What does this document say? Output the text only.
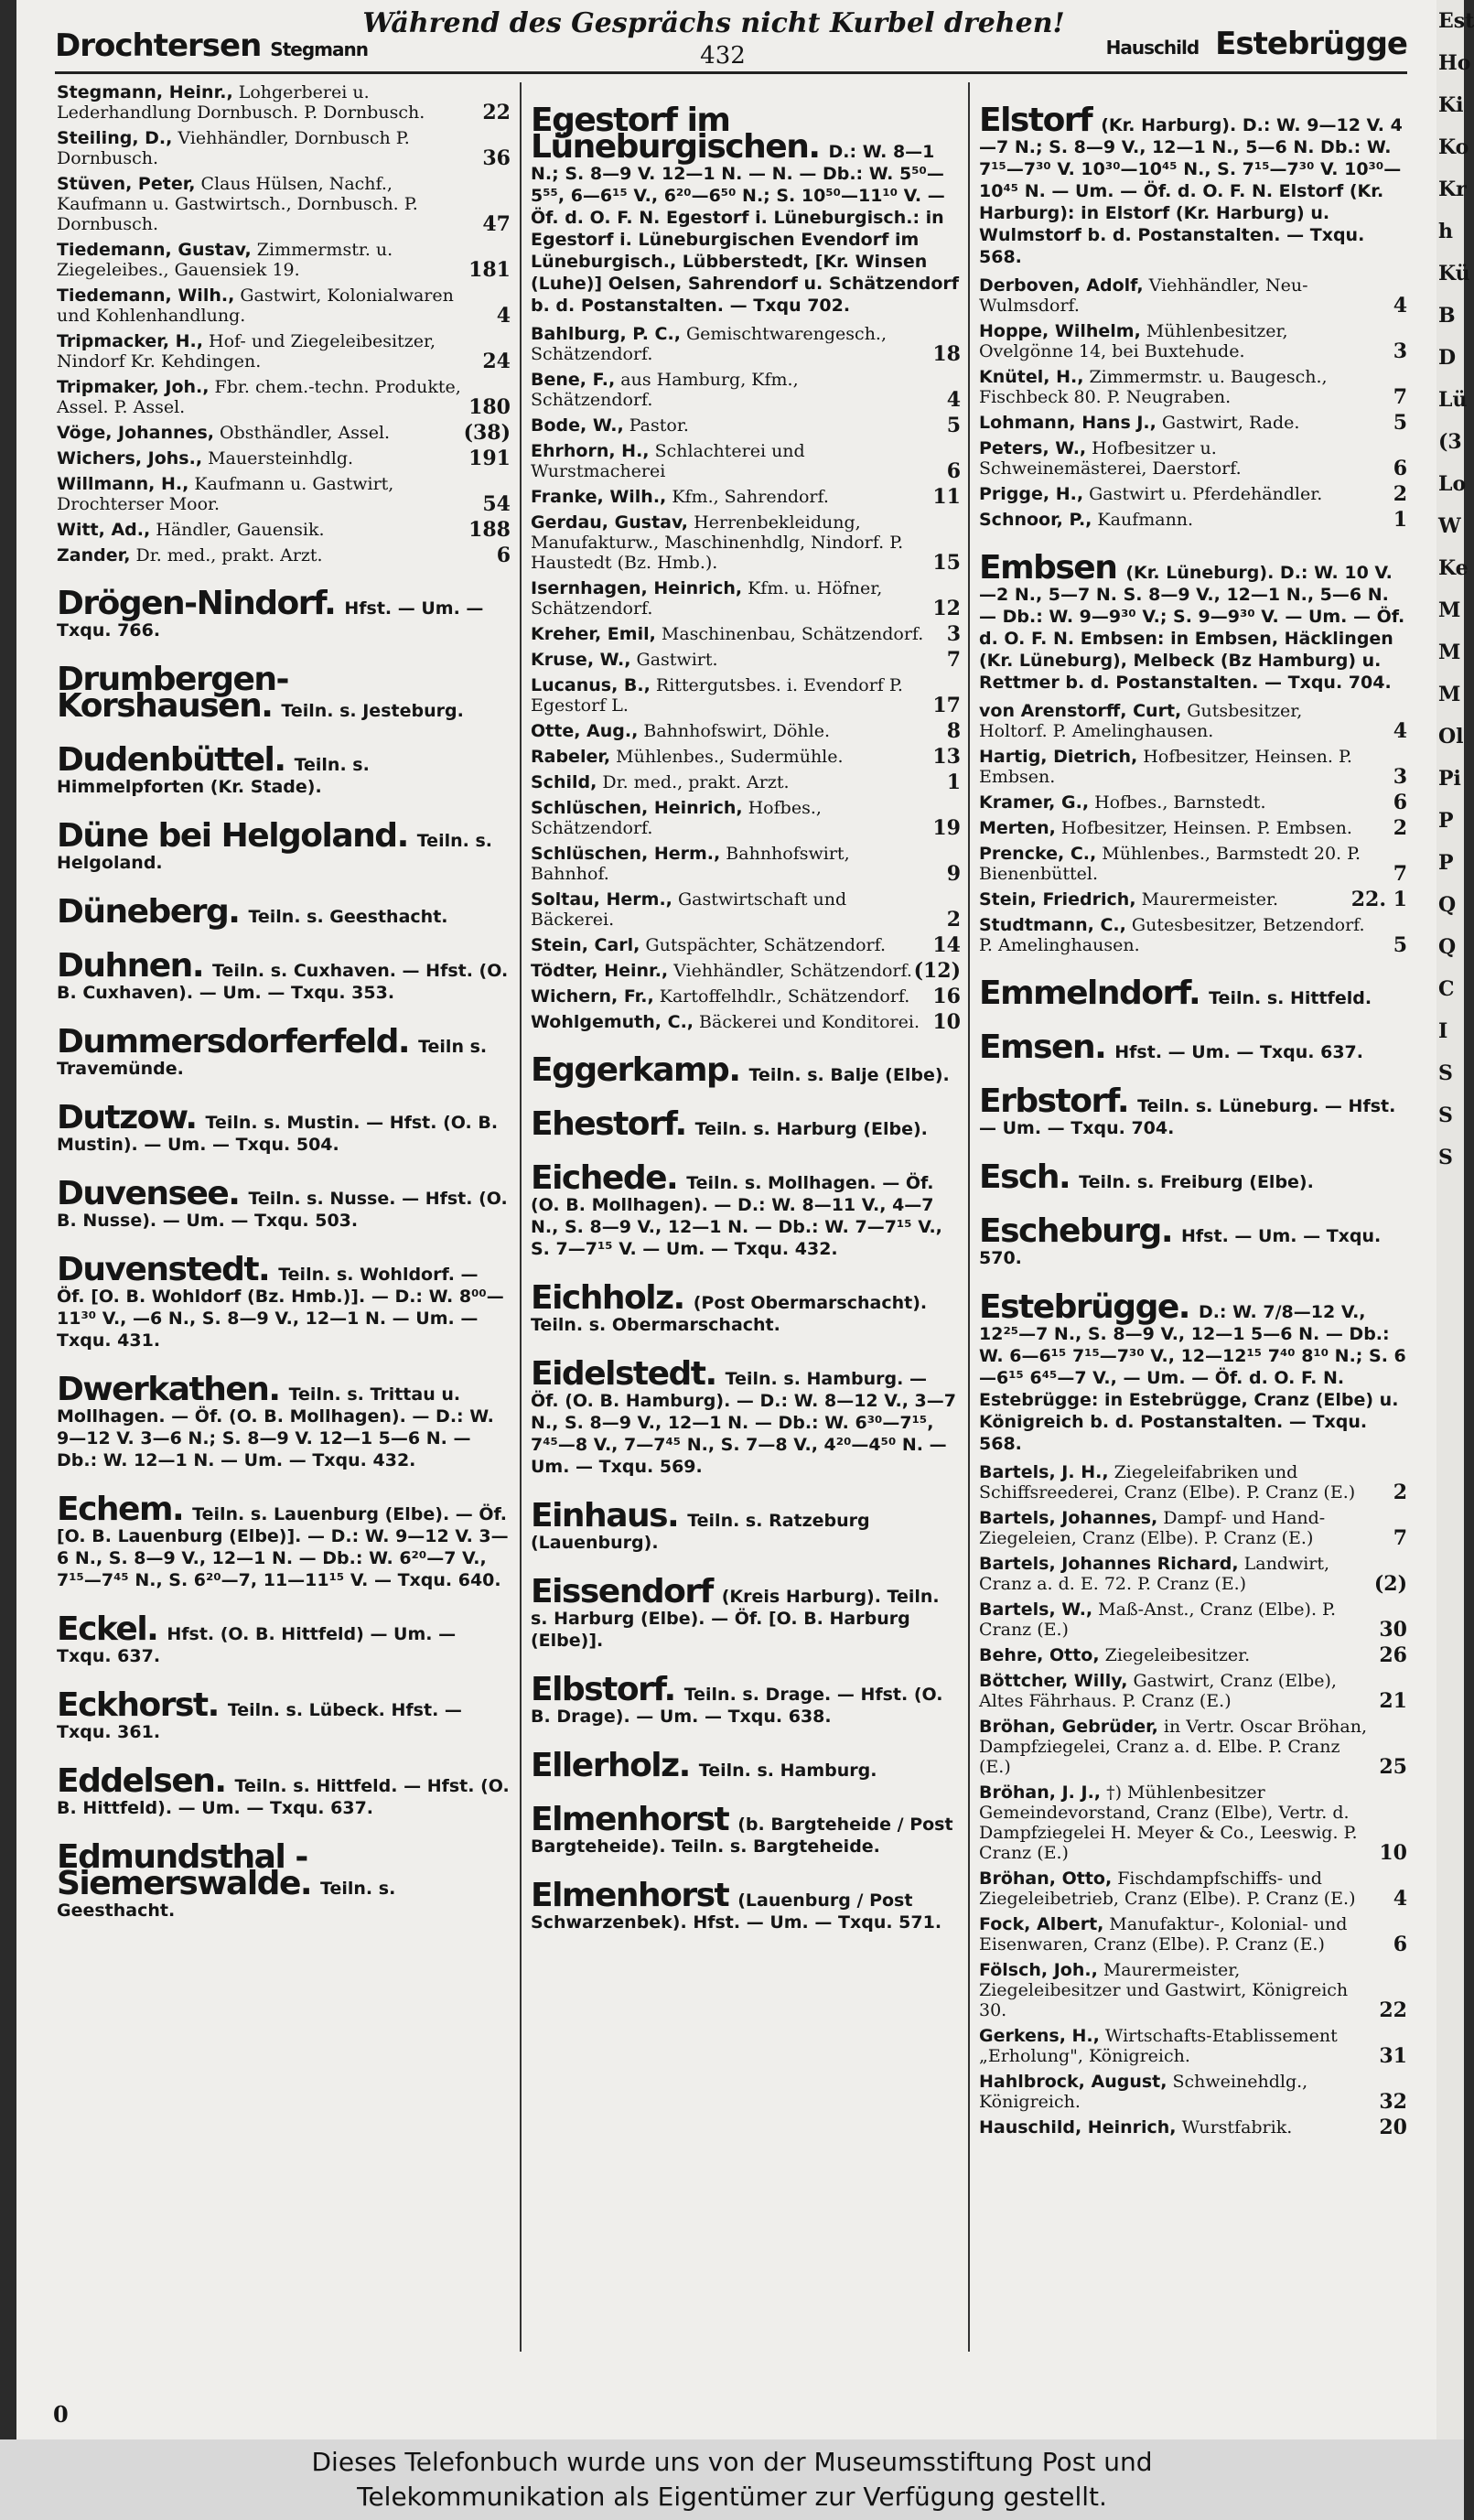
Drochtersen Stegmann
Während des Gesprächs nicht Kurbel drehen!
432	Hauschild Estebrügge
Stegmann, Heinr., Lohgerberei u. Lederhandlung Dornbusch. P. Dornbusch.	22
Steiling, D., Viehhändler, Dornbusch P. Dornbusch.	36
Stüven, Peter, Claus Hülsen, Nachf., Kaufmann u. Gastwirtsch., Dornbusch. P. Dornbusch.	47
Tiedemann, Gustav, Zimmermstr. u. Ziegeleibes., Gauensiek 19.	181
Tiedemann, Wilh., Gastwirt, Kolonialwaren und Kohlenhandlung.	4
Tripmacker, H., Hof- und Ziegeleibesitzer, Nindorf Kr. Kehdingen.	24
Tripmaker, Joh., Fbr. chem.-techn. Produkte, Assel. P. Assel.	180
Vöge, Johannes, Obsthändler, Assel.	(38)
Wichers, Johs., Mauersteinhdlg.	191
Willmann, H., Kaufmann u. Gastwirt, Drochterser Moor.	54
Witt, Ad., Händler, Gauensik.	188
Zander, Dr. med., prakt. Arzt.	6
Drögen-Nindorf. Hfst. — Um. — Txqu. 766.
Drumbergen-Korshausen. Teiln. s. Jesteburg.
Dudenbüttel. Teiln. s. Himmelpforten (Kr. Stade).
Düne bei Helgoland. Teiln. s. Helgoland.
Düneberg. Teiln. s. Geesthacht.
Duhnen. Teiln. s. Cuxhaven. — Hfst. (O. B. Cuxhaven). — Um. — Txqu. 353.
Dummersdorferfeld. Teiln s. Travemünde.
Dutzow. Teiln. s. Mustin. — Hfst. (O. B. Mustin). — Um. — Txqu. 504.
Duvensee. Teiln. s. Nusse. — Hfst. (O. B. Nusse). — Um. — Txqu. 503.
Duvenstedt. Teiln. s. Wohldorf. — Öf. [O. B. Wohldorf (Bz. Hmb.)]. — D.: W. 8⁰⁰—11³⁰ V., —6 N., S. 8—9 V., 12—1 N. — Um. — Txqu. 431.
Dwerkathen. Teiln. s. Trittau u. Mollhagen. — Öf. (O. B. Mollhagen). — D.: W. 9—12 V. 3—6 N.; S. 8—9 V. 12—1 5—6 N. — Db.: W. 12—1 N. — Um. — Txqu. 432.
Echem. Teiln. s. Lauenburg (Elbe). — Öf. [O. B. Lauenburg (Elbe)]. — D.: W. 9—12 V. 3—6 N., S. 8—9 V., 12—1 N. — Db.: W. 6²⁰—7 V., 7¹⁵—7⁴⁵ N., S. 6²⁰—7, 11—11¹⁵ V. — Txqu. 640.
Eckel. Hfst. (O. B. Hittfeld) — Um. — Txqu. 637.
Eckhorst. Teiln. s. Lübeck. Hfst. — Txqu. 361.
Eddelsen. Teiln. s. Hittfeld. — Hfst. (O. B. Hittfeld). — Um. — Txqu. 637.
Edmundsthal - Siemerswalde. Teiln. s. Geesthacht.
Egestorf im Lüneburgischen. D.: W. 8—1 N.; S. 8—9 V. 12—1 N. — N. — Db.: W. 5⁵⁰—5⁵⁵, 6—6¹⁵ V., 6²⁰—6⁵⁰ N.; S. 10⁵⁰—11¹⁰ V. — Öf. d. O. F. N. Egestorf i. Lüneburgisch.: in Egestorf i. Lüneburgischen Evendorf im Lüneburgisch., Lübberstedt, [Kr. Winsen (Luhe)] Oelsen, Sahrendorf u. Schätzendorf b. d. Postanstalten. — Txqu 702.
Bahlburg, P. C., Gemischtwarengesch., Schätzendorf.	18
Bene, F., aus Hamburg, Kfm., Schätzendorf.	4
Bode, W., Pastor.	5
Ehrhorn, H., Schlachterei und Wurstmacherei	6
Franke, Wilh., Kfm., Sahrendorf.	11
Gerdau, Gustav, Herrenbekleidung, Manufakturw., Maschinenhdlg, Nindorf. P. Haustedt (Bz. Hmb.).	15
Isernhagen, Heinrich, Kfm. u. Höfner, Schätzendorf.	12
Kreher, Emil, Maschinenbau, Schätzendorf. 3
Kruse, W., Gastwirt.	7
Lucanus, B., Rittergutsbes. i. Evendorf P. Egestorf L.	17
Otte, Aug., Bahnhofswirt, Döhle.	8
Rabeler, Mühlenbes., Sudermühle.	13
Schild, Dr. med., prakt. Arzt.	1
Schlüschen, Heinrich, Hofbes., Schätzendorf.	19
Schlüschen, Herm., Bahnhofswirt, Bahnhof.	9
Soltau, Herm., Gastwirtschaft und Bäckerei.	2
Stein, Carl, Gutspächter, Schätzendorf. 14
Tödter, Heinr., Viehhändler, Schätzendorf. (12)
Wichern, Fr., Kartoffelhdlr., Schätzendorf. 16
Wohlgemuth, C., Bäckerei und Konditorei. 10
Eggerkamp. Teiln. s. Balje (Elbe).
Ehestorf. Teiln. s. Harburg (Elbe).
Eichede. Teiln. s. Mollhagen. — Öf. (O. B. Mollhagen). — D.: W. 8—11 V., 4—7 N., S. 8—9 V., 12—1 N. — Db.: W. 7—7¹⁵ V., S. 7—7¹⁵ V. — Um. — Txqu. 432.
Eichholz. (Post Obermarschacht). Teiln. s. Obermarschacht.
Eidelstedt. Teiln. s. Hamburg. — Öf. (O. B. Hamburg). — D.: W. 8—12 V., 3—7 N., S. 8—9 V., 12—1 N. — Db.: W. 6³⁰—7¹⁵, 7⁴⁵—8 V., 7—7⁴⁵ N., S. 7—8 V., 4²⁰—4⁵⁰ N. — Um. — Txqu. 569.
Einhaus. Teiln. s. Ratzeburg (Lauenburg).
Eissendorf (Kreis Harburg). Teiln. s. Harburg (Elbe). — Öf. [O. B. Harburg (Elbe)].
Elbstorf. Teiln. s. Drage. — Hfst. (O. B. Drage). — Um. — Txqu. 638.
Ellerholz. Teiln. s. Hamburg.
Elmenhorst (b. Bargteheide / Post Bargteheide). Teiln. s. Bargteheide.
Elmenhorst (Lauenburg / Post Schwarzenbek). Hfst. — Um. — Txqu. 571.
Elstorf (Kr. Harburg). D.: W. 9—12 V. 4—7 N.; S. 8—9 V., 12—1 N., 5—6 N. Db.: W. 7¹⁵—7³⁰ V. 10³⁰—10⁴⁵ N., S. 7¹⁵—7³⁰ V. 10³⁰—10⁴⁵ N. — Um. — Öf. d. O. F. N. Elstorf (Kr. Harburg): in Elstorf (Kr. Harburg) u. Wulmstorf b. d. Postanstalten. — Txqu. 568.
Derboven, Adolf, Viehhändler, Neu-Wulmsdorf.	4
Hoppe, Wilhelm, Mühlenbesitzer, Ovelgönne 14, bei Buxtehude.	3
Knütel, H., Zimmermstr. u. Baugesch., Fischbeck 80. P. Neugraben.	7
Lohmann, Hans J., Gastwirt, Rade.	5
Peters, W., Hofbesitzer u. Schweinemästerei, Daerstorf.	6
Prigge, H., Gastwirt u. Pferdehändler.	2
Schnoor, P., Kaufmann.	1
Embsen (Kr. Lüneburg). D.: W. 10 V.—2 N., 5—7 N. S. 8—9 V., 12—1 N., 5—6 N. — Db.: W. 9—9³⁰ V.; S. 9—9³⁰ V. — Um. — Öf. d. O. F. N. Embsen: in Embsen, Häcklingen (Kr. Lüneburg), Melbeck (Bz Hamburg) u. Rettmer b. d. Postanstalten. — Txqu. 704.
von Arenstorff, Curt, Gutsbesitzer, Holtorf. P. Amelinghausen.	4
Hartig, Dietrich, Hofbesitzer, Heinsen. P. Embsen.	3
Kramer, G., Hofbes., Barnstedt.	6
Merten, Hofbesitzer, Heinsen. P. Embsen. 2
Prencke, C., Mühlenbes., Barmstedt 20. P. Bienenbüttel.	7
Stein, Friedrich, Maurermeister.	22. 1
Studtmann, C., Gutesbesitzer, Betzendorf. P. Amelinghausen.	5
Emmelndorf. Teiln. s. Hittfeld.
Emsen. Hfst. — Um. — Txqu. 637.
Erbstorf. Teiln. s. Lüneburg. — Hfst. — Um. — Txqu. 704.
Esch. Teiln. s. Freiburg (Elbe).
Escheburg. Hfst. — Um. — Txqu. 570.
Estebrügge. D.: W. 7/8—12 V., 12²⁵—7 N., S. 8—9 V., 12—1 5—6 N. — Db.: W. 6—6¹⁵ 7¹⁵—7³⁰ V., 12—12¹⁵ 7⁴⁰ 8¹⁰ N.; S. 6—6¹⁵ 6⁴⁵—7 V., — Um. — Öf. d. O. F. N. Estebrügge: in Estebrügge, Cranz (Elbe) u. Königreich b. d. Postanstalten. — Txqu. 568.
Bartels, J. H., Ziegeleifabriken und Schiffsreederei, Cranz (Elbe). P. Cranz (E.) 2
Bartels, Johannes, Dampf- und Hand-Ziegeleien, Cranz (Elbe). P. Cranz (E.)	7
Bartels, Johannes Richard, Landwirt, Cranz a. d. E. 72. P. Cranz (E.)	(2)
Bartels, W., Maß-Anst., Cranz (Elbe). P. Cranz (E.)	30
Behre, Otto, Ziegeleibesitzer.	26
Böttcher, Willy, Gastwirt, Cranz (Elbe), Altes Fährhaus. P. Cranz (E.)	21
Bröhan, Gebrüder, in Vertr. Oscar Bröhan, Dampfziegelei, Cranz a. d. Elbe. P. Cranz (E.)	25
Bröhan, J. J., †) Mühlenbesitzer Gemeindevorstand, Cranz (Elbe), Vertr. d. Dampfziegelei H. Meyer & Co., Leeswig. P. Cranz (E.)	10
Bröhan, Otto, Fischdampfschiffs- und Ziegeleibetrieb, Cranz (Elbe). P. Cranz (E.) 4
Fock, Albert, Manufaktur-, Kolonial- und Eisenwaren, Cranz (Elbe). P. Cranz (E.)	6
Fölsch, Joh., Maurermeister, Ziegeleibesitzer und Gastwirt, Königreich 30.	22
Gerkens, H., Wirtschafts-Etablissement „Erholung", Königreich.	31
Hahlbrock, August, Schweinehdlg., Königreich.	32
Hauschild, Heinrich, Wurstfabrik.	20
0
Est
Ho
Ki
Ko
Kr
h
Kü
B
D
Lü
(3
Lo
W
Ke
M
M
M
Ol
Pi
P
P
Q
Q
C
I
S
S
S
Dieses Telefonbuch wurde uns von der Museumsstiftung Post und
Telekommunikation als Eigentümer zur Verfügung gestellt.
